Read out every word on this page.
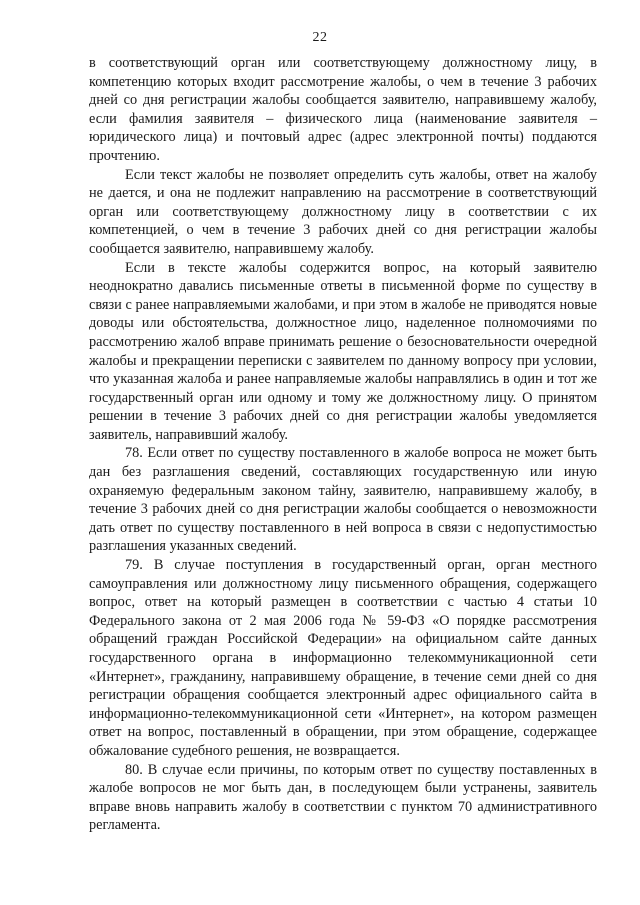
22

в соответствующий орган или соответствующему должностному лицу, в компетенцию которых входит рассмотрение жалобы, о чем в течение 3 рабочих дней со дня регистрации жалобы сообщается заявителю, направившему жалобу, если фамилия заявителя – физического лица (наименование заявителя – юридического лица) и почтовый адрес (адрес электронной почты) поддаются прочтению.

Если текст жалобы не позволяет определить суть жалобы, ответ на жалобу не дается, и она не подлежит направлению на рассмотрение в соответствующий орган или соответствующему должностному лицу в соответствии с их компетенцией, о чем в течение 3 рабочих дней со дня регистрации жалобы сообщается заявителю, направившему жалобу.

Если в тексте жалобы содержится вопрос, на который заявителю неоднократно давались письменные ответы в письменной форме по существу в связи с ранее направляемыми жалобами, и при этом в жалобе не приводятся новые доводы или обстоятельства, должностное лицо, наделенное полномочиями по рассмотрению жалоб вправе принимать решение о безосновательности очередной жалобы и прекращении переписки с заявителем по данному вопросу при условии, что указанная жалоба и ранее направляемые жалобы направлялись в один и тот же государственный орган или одному и тому же должностному лицу. О принятом решении в течение 3 рабочих дней со дня регистрации жалобы уведомляется заявитель, направивший жалобу.

78. Если ответ по существу поставленного в жалобе вопроса не может быть дан без разглашения сведений, составляющих государственную или иную охраняемую федеральным законом тайну, заявителю, направившему жалобу, в течение 3 рабочих дней со дня регистрации жалобы сообщается о невозможности дать ответ по существу поставленного в ней вопроса в связи с недопустимостью разглашения указанных сведений.

79. В случае поступления в государственный орган, орган местного самоуправления или должностному лицу письменного обращения, содержащего вопрос, ответ на который размещен в соответствии с частью 4 статьи 10 Федерального закона от 2 мая 2006 года № 59-ФЗ «О порядке рассмотрения обращений граждан Российской Федерации» на официальном сайте данных государственного органа в информационно телекоммуникационной сети «Интернет», гражданину, направившему обращение, в течение семи дней со дня регистрации обращения сообщается электронный адрес официального сайта в информационно-телекоммуникационной сети «Интернет», на котором размещен ответ на вопрос, поставленный в обращении, при этом обращение, содержащее обжалование судебного решения, не возвращается.

80. В случае если причины, по которым ответ по существу поставленных в жалобе вопросов не мог быть дан, в последующем были устранены, заявитель вправе вновь направить жалобу в соответствии с пунктом 70 административного регламента.
